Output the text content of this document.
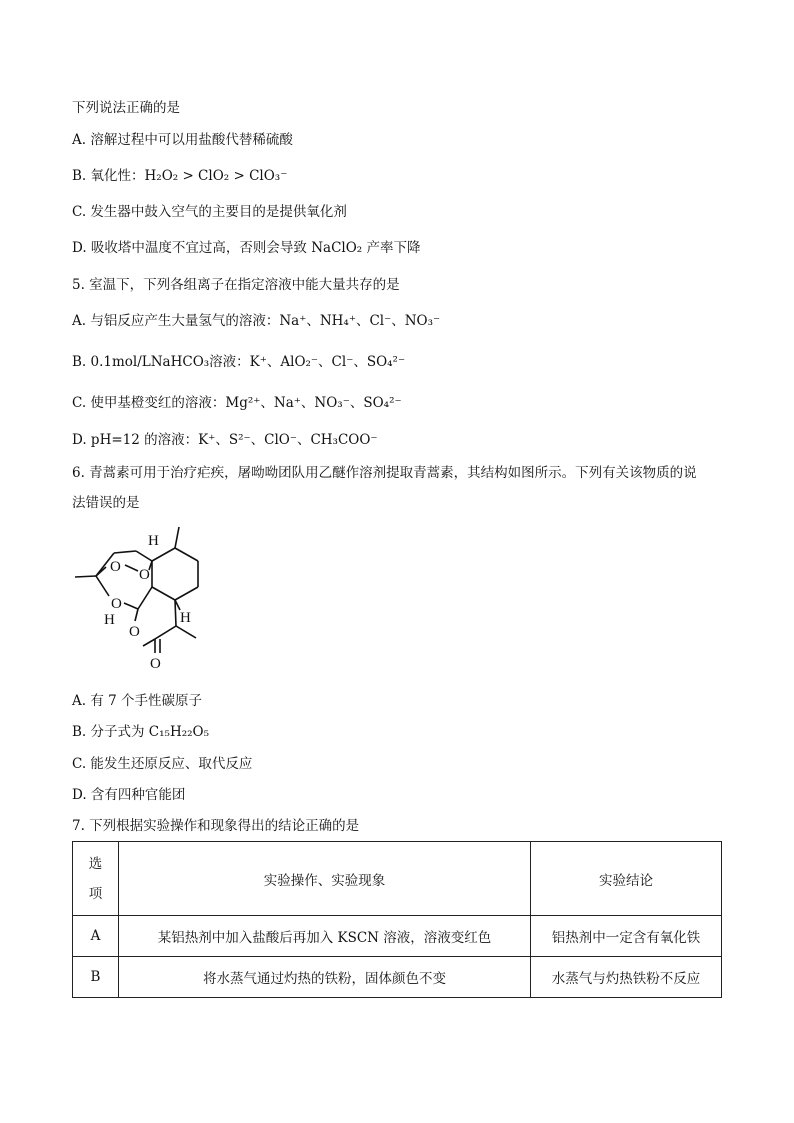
下列说法正确的是
A. 溶解过程中可以用盐酸代替稀硫酸
B. 氧化性：H₂O₂ > ClO₂ > ClO₃⁻
C. 发生器中鼓入空气的主要目的是提供氧化剂
D. 吸收塔中温度不宜过高，否则会导致 NaClO₂ 产率下降
5. 室温下，下列各组离子在指定溶液中能大量共存的是
A. 与铝反应产生大量氢气的溶液：Na⁺、NH₄⁺、Cl⁻、NO₃⁻
B. 0.1mol/LNaHCO₃溶液：K⁺、AlO₂⁻、Cl⁻、SO₄²⁻
C. 使甲基橙变红的溶液：Mg²⁺、Na⁺、NO₃⁻、SO₄²⁻
D. pH=12 的溶液：K⁺、S²⁻、ClO⁻、CH₃COO⁻
6. 青蒿素可用于治疗疟疾，屠呦呦团队用乙醚作溶剂提取青蒿素，其结构如图所示。下列有关该物质的说
法错误的是
O O
O
O
O
H
H
H
A. 有 7 个手性碳原子
B. 分子式为 C₁₅H₂₂O₅
C. 能发生还原反应、取代反应
D. 含有四种官能团
7. 下列根据实验操作和现象得出的结论正确的是
选
项	实验操作、实验现象	实验结论
A	某铝热剂中加入盐酸后再加入 KSCN 溶液，溶液变红色	铝热剂中一定含有氧化铁
B	将水蒸气通过灼热的铁粉，固体颜色不变	水蒸气与灼热铁粉不反应
